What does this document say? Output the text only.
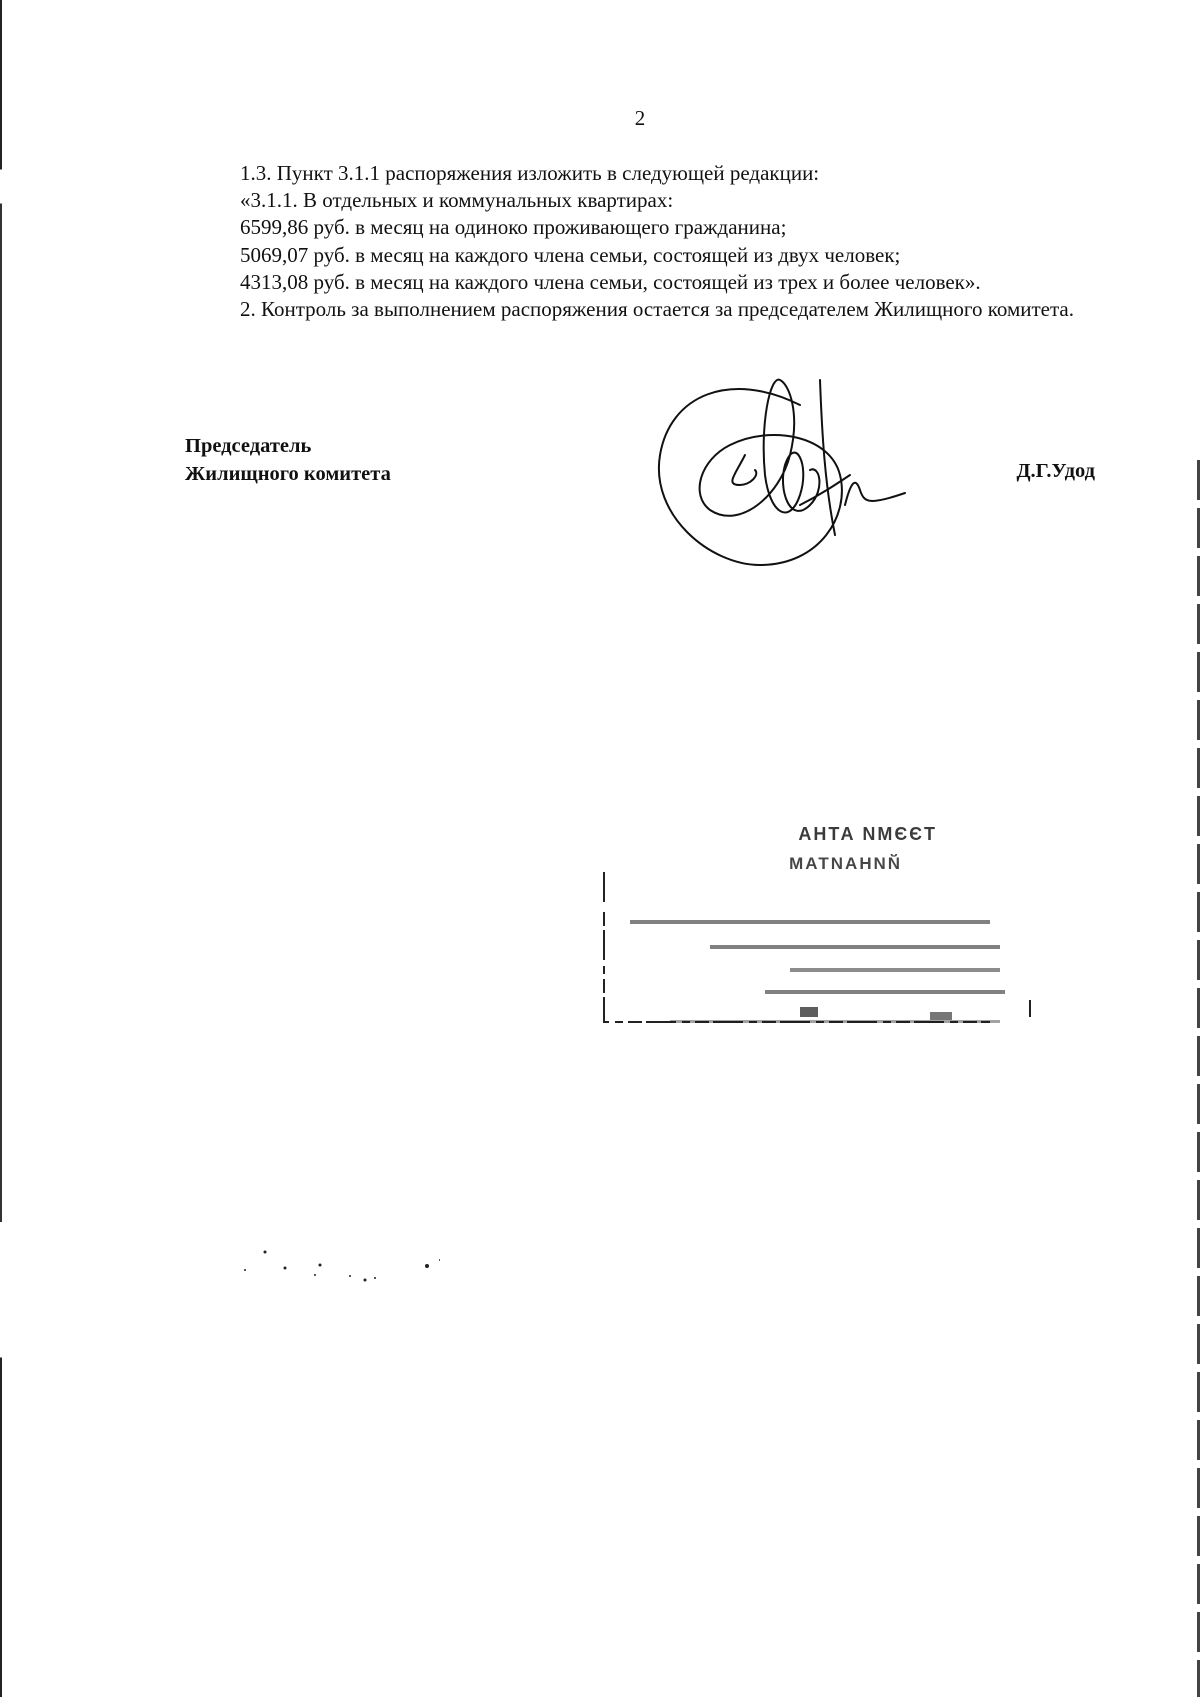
2

1.3. Пункт 3.1.1 распоряжения изложить в следующей редакции:

«3.1.1. В отдельных и коммунальных квартирах:

6599,86 руб. в месяц на одиноко проживающего гражданина;

5069,07 руб. в месяц на каждого члена семьи, состоящей из двух человек;

4313,08 руб. в месяц на каждого члена семьи, состоящей из трех и более человек».

2. Контроль за выполнением распоряжения остается за председателем Жилищного комитета.

Председатель
Жилищного комитета	Д.Г.Удод
ТЭЭМИ АТНА
ЙИНАИТАМ
